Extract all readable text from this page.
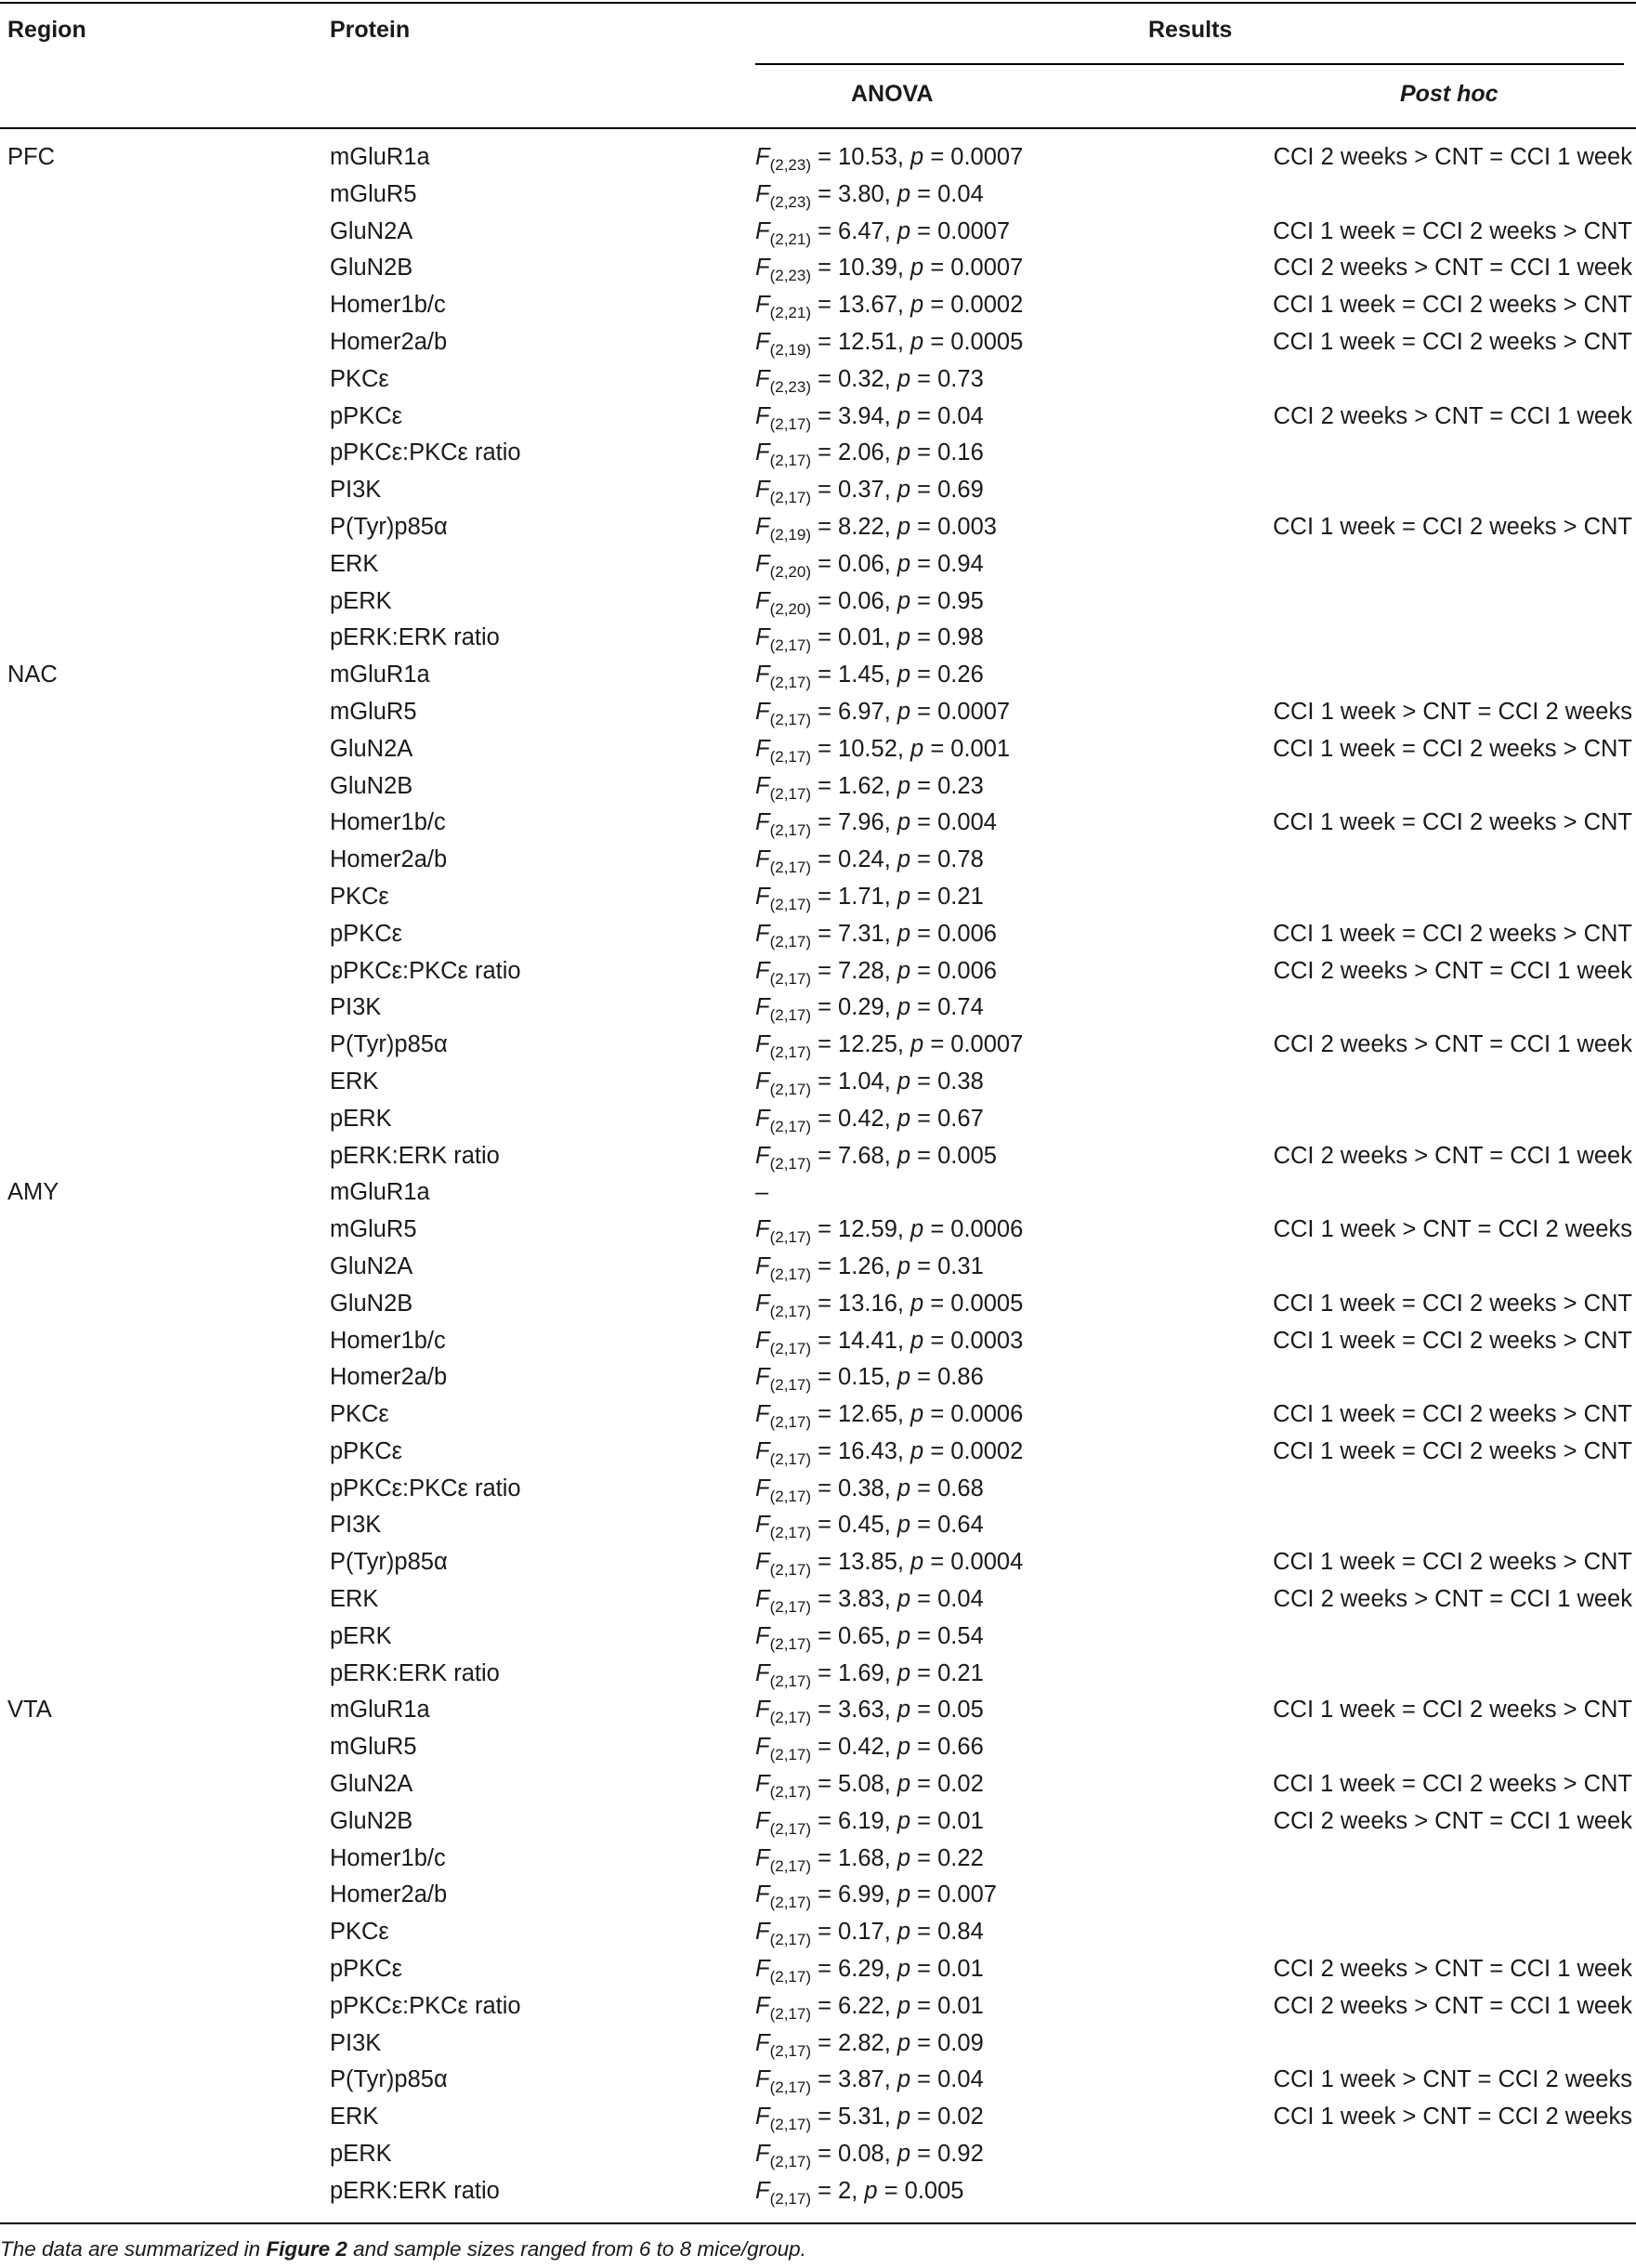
Region	Protein	Results
ANOVA	Post hoc
PFC	mGluR1a	$F_{(2,23)} = 10.53$, p = 0.0007	CCI 2 weeks > CNT = CCI 1 week
mGluR5	$F_{(2,23)} = 3.80$, p = 0.04
GluN2A	$F_{(2,21)} = 6.47$, p = 0.0007	CCI 1 week = CCI 2 weeks > CNT
GluN2B	$F_{(2,23)} = 10.39$, p = 0.0007	CCI 2 weeks > CNT = CCI 1 week
Homer1b/c	$F_{(2,21)} = 13.67$, p = 0.0002	CCI 1 week = CCI 2 weeks > CNT
Homer2a/b	$F_{(2,19)} = 12.51$, p = 0.0005	CCI 1 week = CCI 2 weeks > CNT
PKCε	$F_{(2,23)} = 0.32$, p = 0.73
pPKCε	$F_{(2,17)} = 3.94$, p = 0.04	CCI 2 weeks > CNT = CCI 1 week
pPKCε:PKCε ratio	$F_{(2,17)} = 2.06$, p = 0.16
PI3K	$F_{(2,17)} = 0.37$, p = 0.69
P(Tyr)p85α	$F_{(2,19)} = 8.22$, p = 0.003	CCI 1 week = CCI 2 weeks > CNT
ERK	$F_{(2,20)} = 0.06$, p = 0.94
pERK	$F_{(2,20)} = 0.06$, p = 0.95
pERK:ERK ratio	$F_{(2,17)} = 0.01$, p = 0.98
NAC	mGluR1a	$F_{(2,17)} = 1.45$, p = 0.26
mGluR5	$F_{(2,17)} = 6.97$, p = 0.0007	CCI 1 week > CNT = CCI 2 weeks
GluN2A	$F_{(2,17)} = 10.52$, p = 0.001	CCI 1 week = CCI 2 weeks > CNT
GluN2B	$F_{(2,17)} = 1.62$, p = 0.23
Homer1b/c	$F_{(2,17)} = 7.96$, p = 0.004	CCI 1 week = CCI 2 weeks > CNT
Homer2a/b	$F_{(2,17)} = 0.24$, p = 0.78
PKCε	$F_{(2,17)} = 1.71$, p = 0.21
pPKCε	$F_{(2,17)} = 7.31$, p = 0.006	CCI 1 week = CCI 2 weeks > CNT
pPKCε:PKCε ratio	$F_{(2,17)} = 7.28$, p = 0.006	CCI 2 weeks > CNT = CCI 1 week
PI3K	$F_{(2,17)} = 0.29$, p = 0.74
P(Tyr)p85α	$F_{(2,17)} = 12.25$, p = 0.0007	CCI 2 weeks > CNT = CCI 1 week
ERK	$F_{(2,17)} = 1.04$, p = 0.38
pERK	$F_{(2,17)} = 0.42$, p = 0.67
pERK:ERK ratio	$F_{(2,17)} = 7.68$, p = 0.005	CCI 2 weeks > CNT = CCI 1 week
AMY	mGluR1a	–
mGluR5	$F_{(2,17)} = 12.59$, p = 0.0006	CCI 1 week > CNT = CCI 2 weeks
GluN2A	$F_{(2,17)} = 1.26$, p = 0.31
GluN2B	$F_{(2,17)} = 13.16$, p = 0.0005	CCI 1 week = CCI 2 weeks > CNT
Homer1b/c	$F_{(2,17)} = 14.41$, p = 0.0003	CCI 1 week = CCI 2 weeks > CNT
Homer2a/b	$F_{(2,17)} = 0.15$, p = 0.86
PKCε	$F_{(2,17)} = 12.65$, p = 0.0006	CCI 1 week = CCI 2 weeks > CNT
pPKCε	$F_{(2,17)} = 16.43$, p = 0.0002	CCI 1 week = CCI 2 weeks > CNT
pPKCε:PKCε ratio	$F_{(2,17)} = 0.38$, p = 0.68
PI3K	$F_{(2,17)} = 0.45$, p = 0.64
P(Tyr)p85α	$F_{(2,17)} = 13.85$, p = 0.0004	CCI 1 week = CCI 2 weeks > CNT
ERK	$F_{(2,17)} = 3.83$, p = 0.04	CCI 2 weeks > CNT = CCI 1 week
pERK	$F_{(2,17)} = 0.65$, p = 0.54
pERK:ERK ratio	$F_{(2,17)} = 1.69$, p = 0.21
VTA	mGluR1a	$F_{(2,17)} = 3.63$, p = 0.05	CCI 1 week = CCI 2 weeks > CNT
mGluR5	$F_{(2,17)} = 0.42$, p = 0.66
GluN2A	$F_{(2,17)} = 5.08$, p = 0.02	CCI 1 week = CCI 2 weeks > CNT
GluN2B	$F_{(2,17)} = 6.19$, p = 0.01	CCI 2 weeks > CNT = CCI 1 week
Homer1b/c	$F_{(2,17)} = 1.68$, p = 0.22
Homer2a/b	$F_{(2,17)} = 6.99$, p = 0.007
PKCε	$F_{(2,17)} = 0.17$, p = 0.84
pPKCε	$F_{(2,17)} = 6.29$, p = 0.01	CCI 2 weeks > CNT = CCI 1 week
pPKCε:PKCε ratio	$F_{(2,17)} = 6.22$, p = 0.01	CCI 2 weeks > CNT = CCI 1 week
PI3K	$F_{(2,17)} = 2.82$, p = 0.09
P(Tyr)p85α	$F_{(2,17)} = 3.87$, p = 0.04	CCI 1 week > CNT = CCI 2 weeks
ERK	$F_{(2,17)} = 5.31$, p = 0.02	CCI 1 week > CNT = CCI 2 weeks
pERK	$F_{(2,17)} = 0.08$, p = 0.92
pERK:ERK ratio	$F_{(2,17)} = 2$, p = 0.005
The data are summarized in Figure 2 and sample sizes ranged from 6 to 8 mice/group.
